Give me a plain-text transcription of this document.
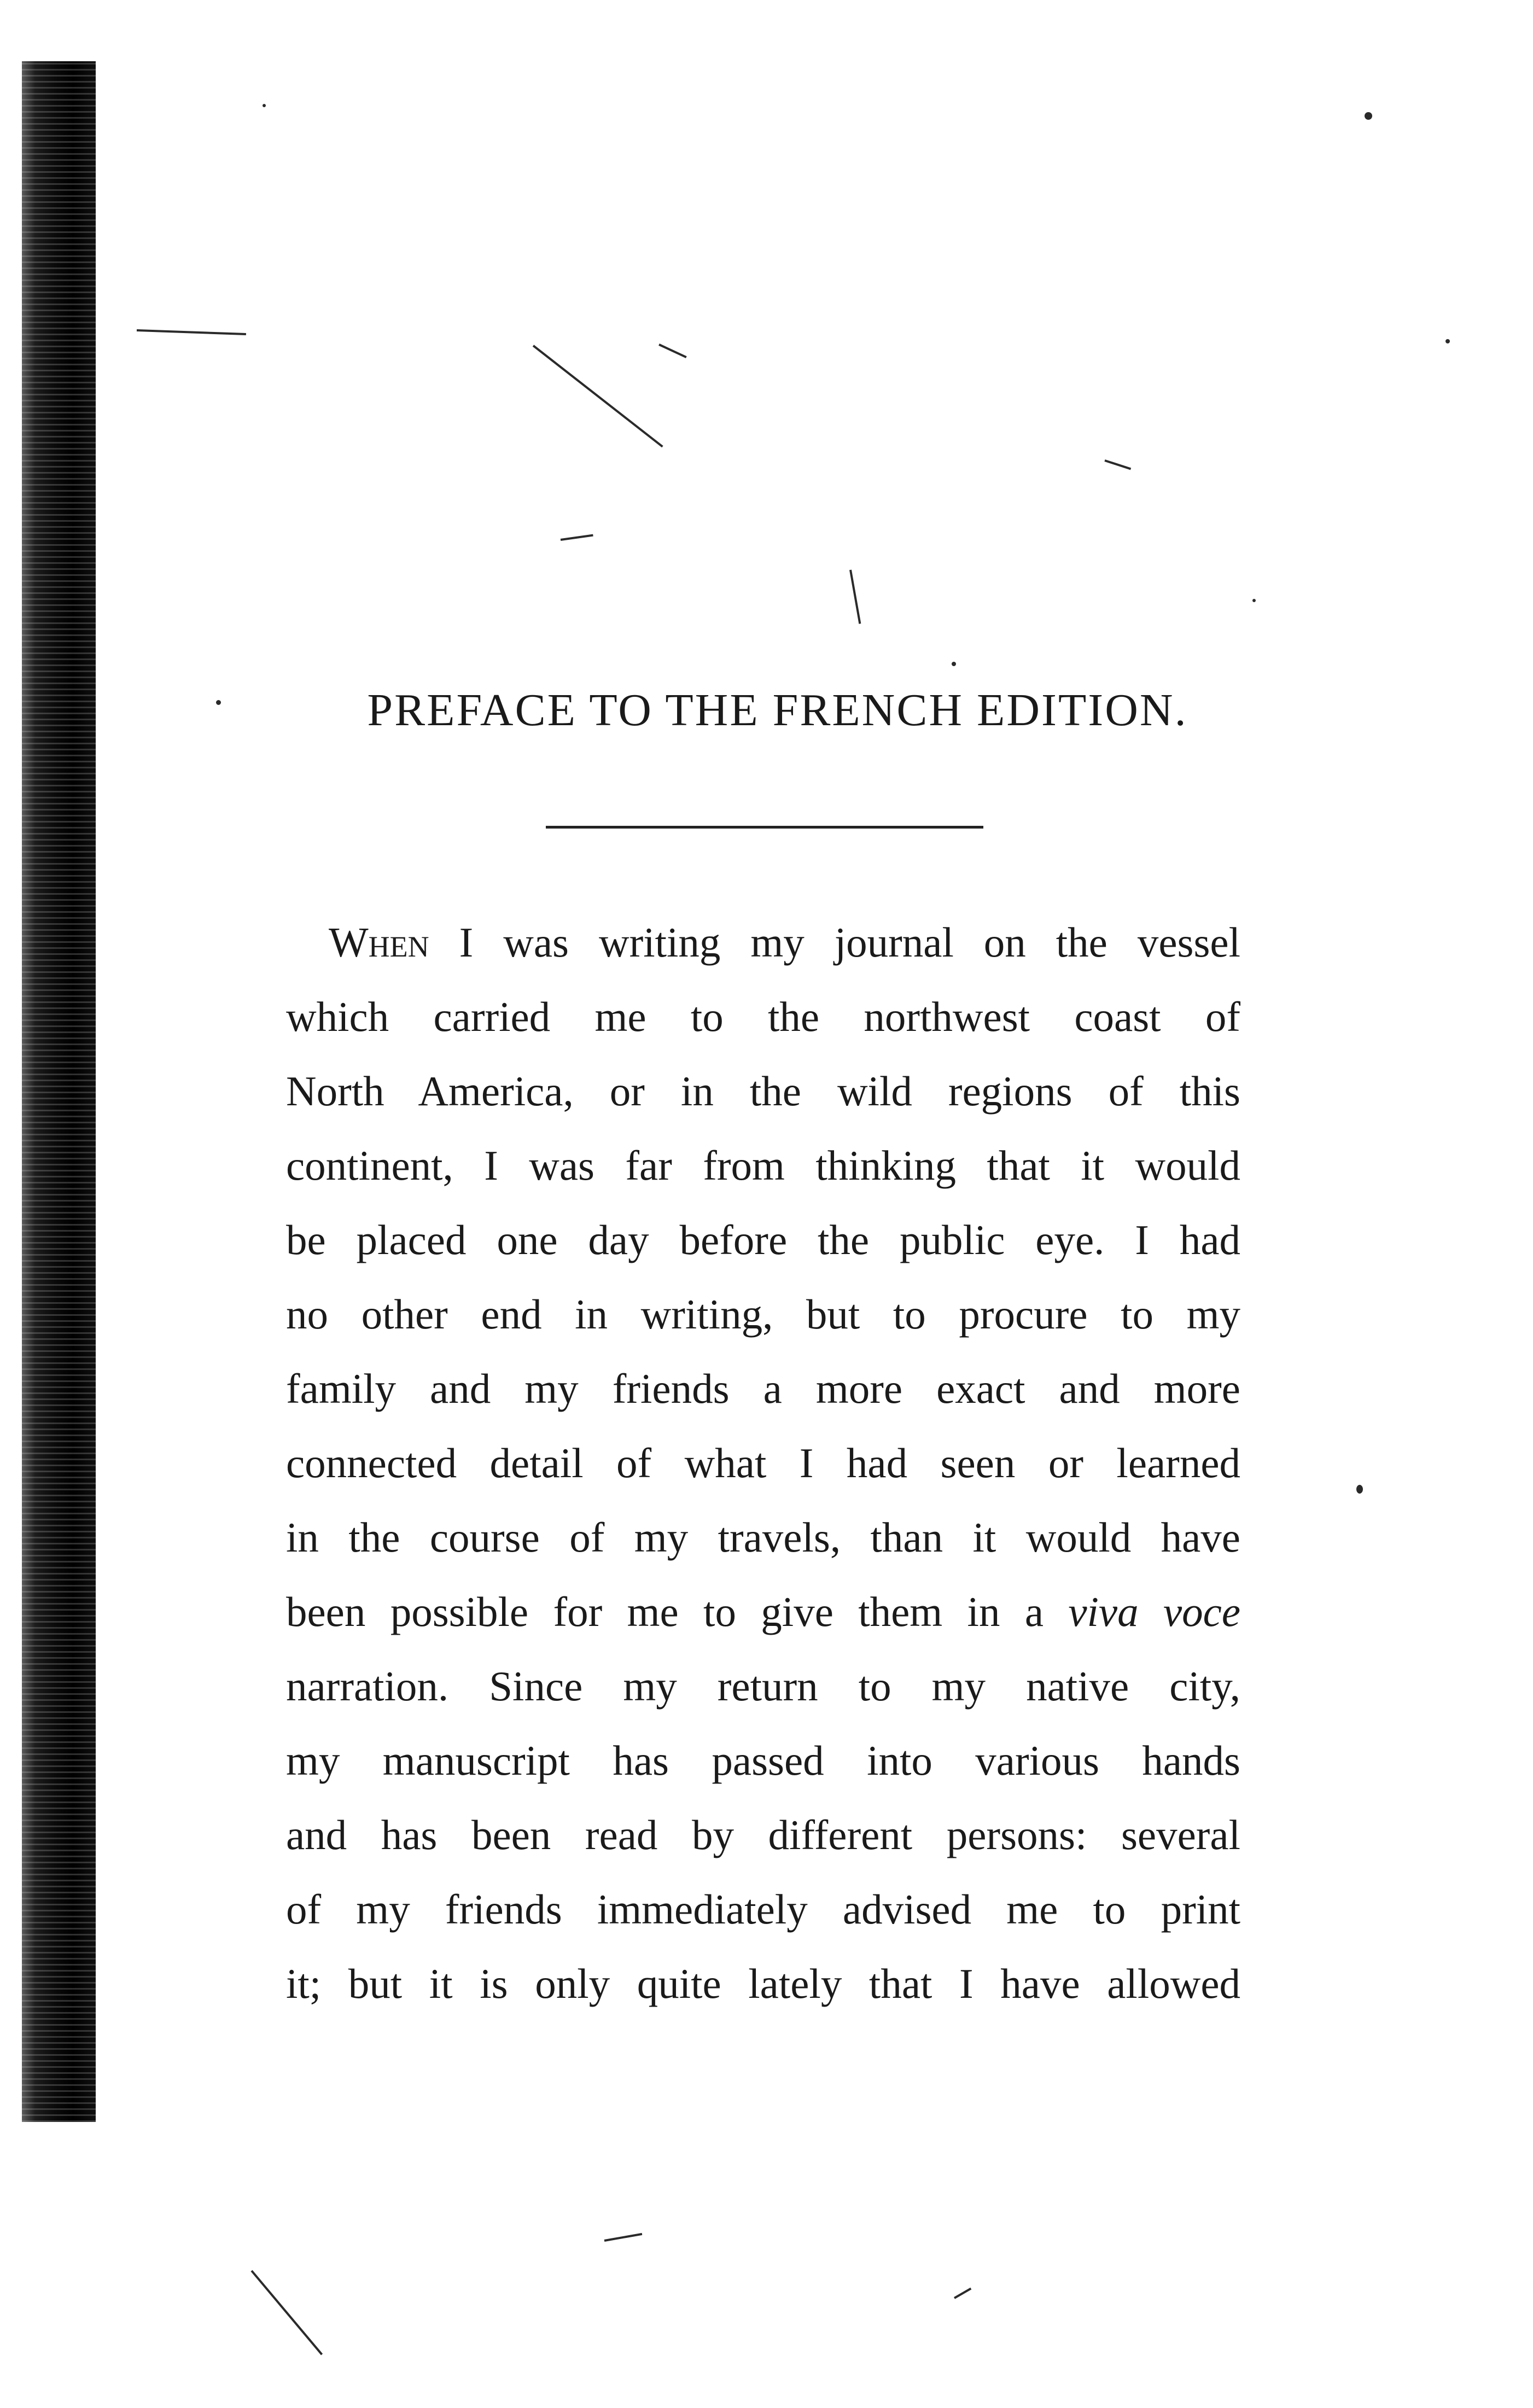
PREFACE TO THE FRENCH EDITION.
When I was writing my journal on the vessel
which carried me to the northwest coast of
North America, or in the wild regions of this
continent, I was far from thinking that it would
be placed one day before the public eye. I had
no other end in writing, but to procure to my
family and my friends a more exact and more
connected detail of what I had seen or learned
in the course of my travels, than it would have
been possible for me to give them in a viva voce
narration. Since my return to my native city,
my manuscript has passed into various hands
and has been read by different persons: several
of my friends immediately advised me to print
it; but it is only quite lately that I have allowed
